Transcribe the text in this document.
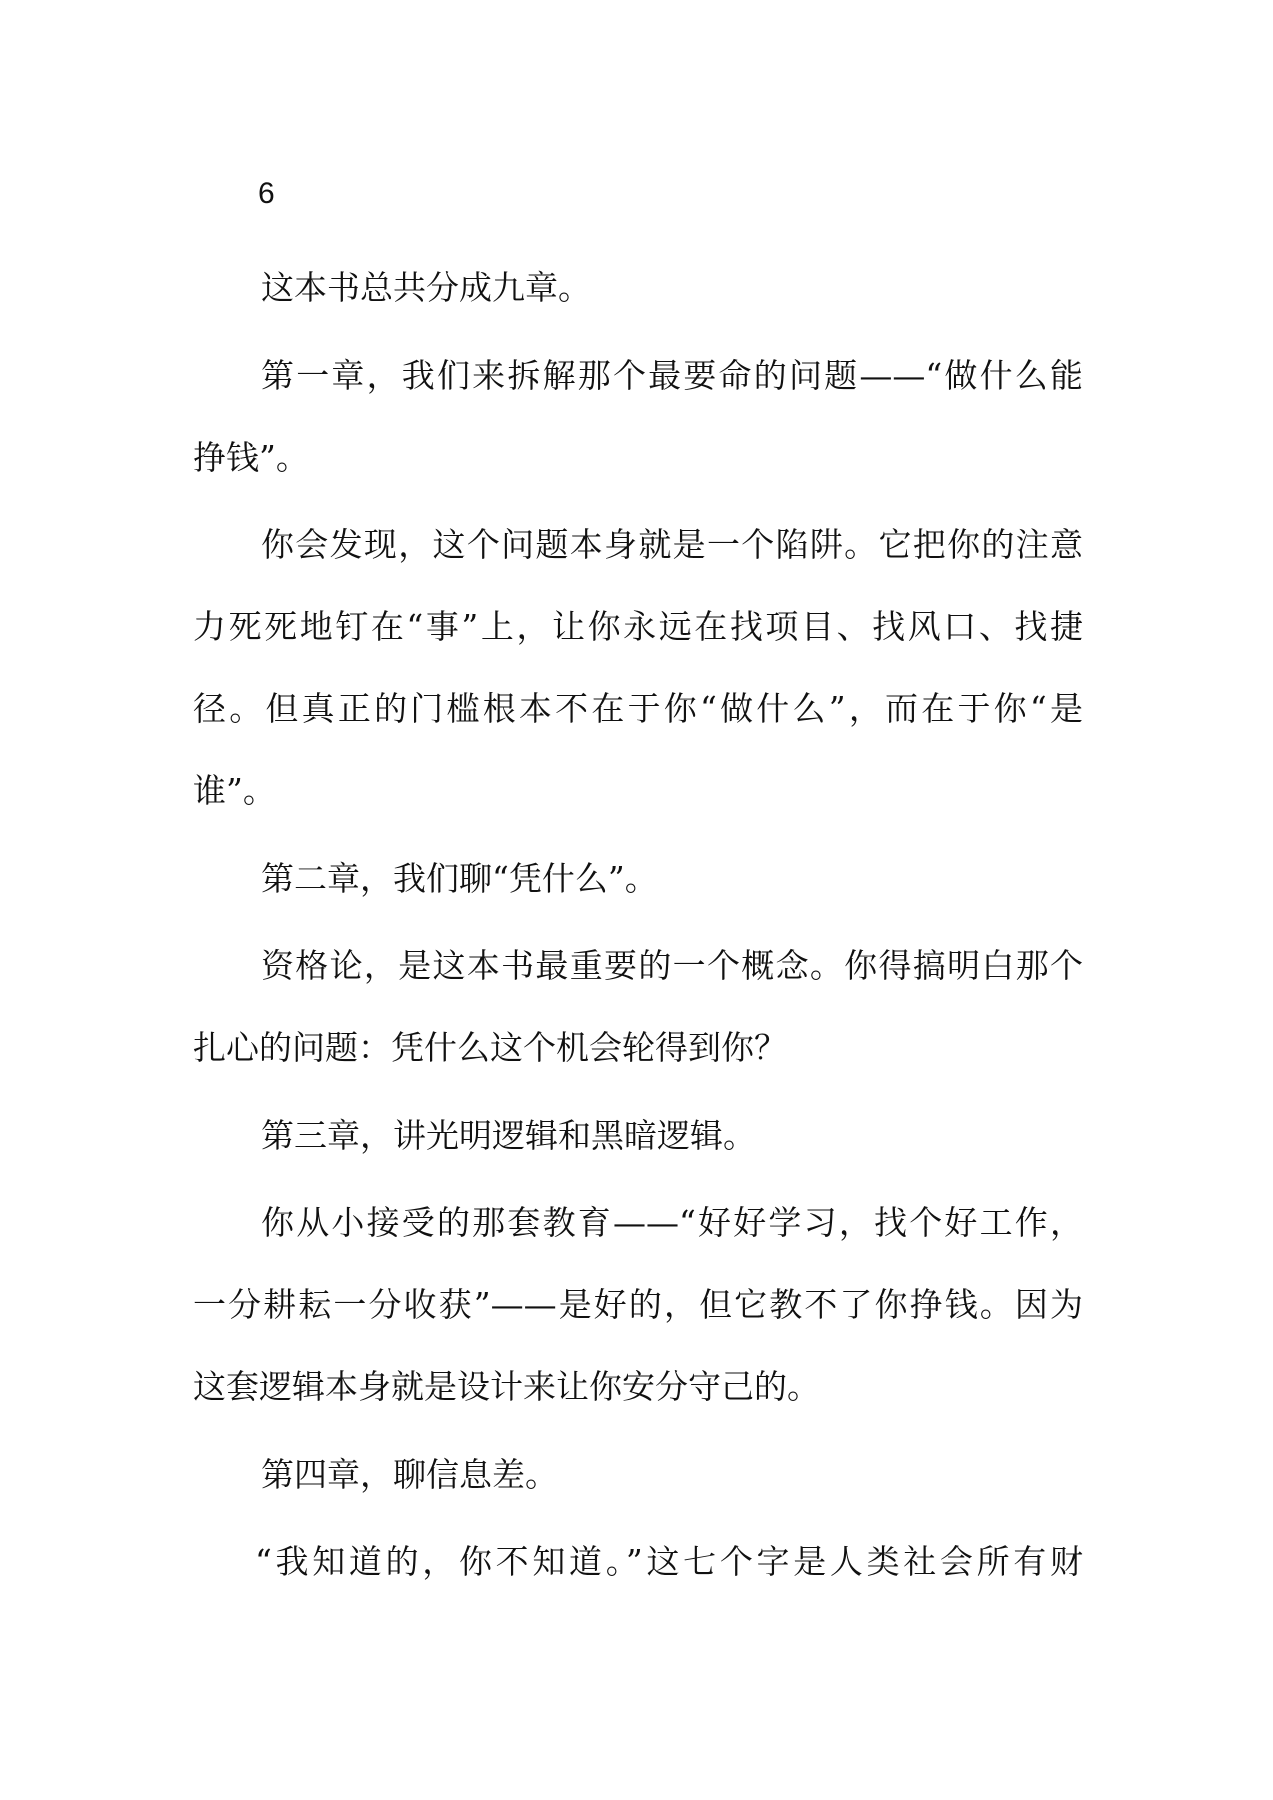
6
这本书总共分成九章。
第一章，我们来拆解那个最要命的问题——“做什么能
挣钱”。
你会发现，这个问题本身就是一个陷阱。它把你的注意
力死死地钉在“事”上，让你永远在找项目、找风口、找捷
径。但真正的门槛根本不在于你“做什么”，而在于你“是
谁”。
第二章，我们聊“凭什么”。
资格论，是这本书最重要的一个概念。你得搞明白那个
扎心的问题：凭什么这个机会轮得到你？
第三章，讲光明逻辑和黑暗逻辑。
你从小接受的那套教育——“好好学习，找个好工作，
一分耕耘一分收获”——是好的，但它教不了你挣钱。因为
这套逻辑本身就是设计来让你安分守己的。
第四章，聊信息差。
“我知道的，你不知道。”这七个字是人类社会所有财
